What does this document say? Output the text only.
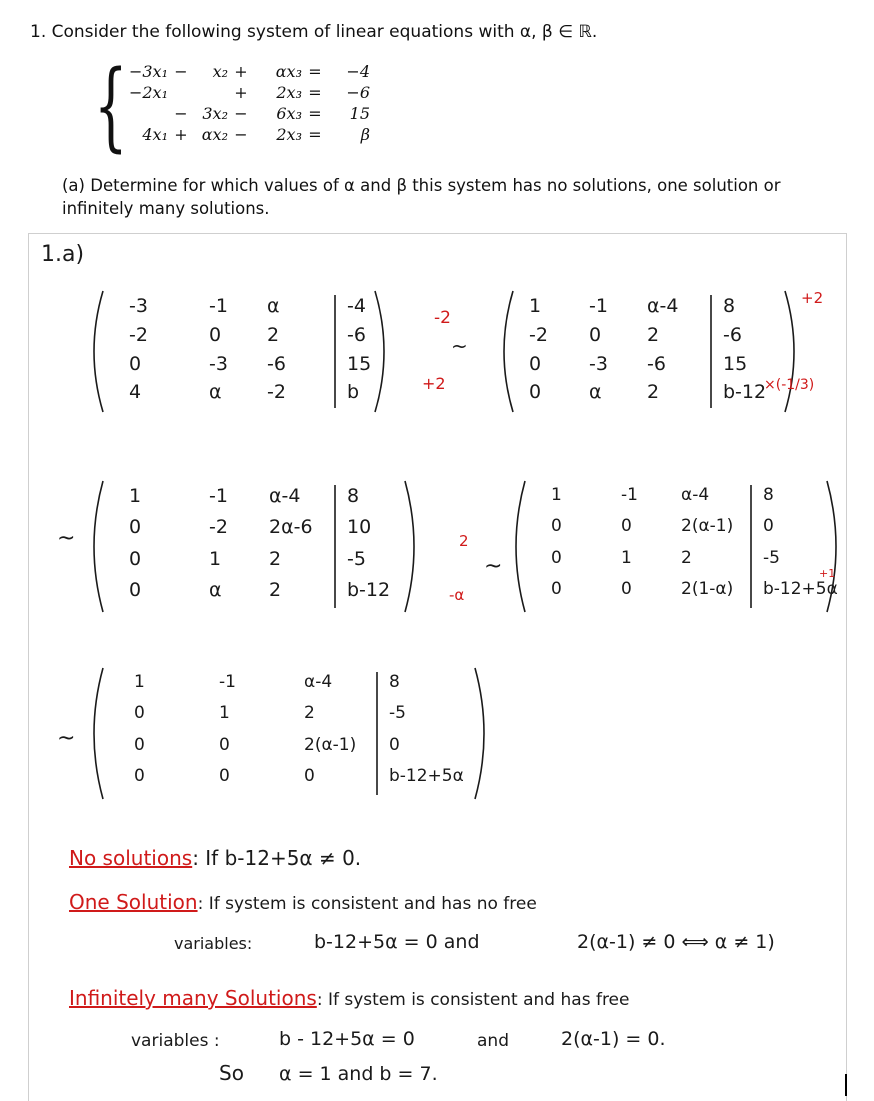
1. Consider the following system of linear equations with α, β ∈ ℝ.
{ −3x₁ −	x₂ +	αx₃ =	−4
−2x₁	+	2x₃ =	−6
− 3x₂ −	6x₃ =	15
4x₁ + αx₂ −	2x₃ =	β
(a) Determine for which values of α and β this system has no solutions, one solution or infinitely many solutions.
1.a)
-3	-1 α	-4
-2	0 2	-6
0	-3 -6	15
4	α -2	b
-2
~
+2
1	-1 α-4 8
-2 0 2	-6
0	-3 -6	15
0	α 2	b-12
+2
×(-1/3)
~
1	-1 α-4 8
0	-2 2α-6 10
0	1	2	-5
0	α 2	b-12
2
-α
~
1	-1	α-4	8
0	0	2(α-1) 0
0	1	2	-5
0	0	2(1-α) b-12+5α
+1
~
1	-1	α-4	8
0	1	2	-5
0	0	2(α-1) 0
0	0	0	b-12+5α
No solutions: If b-12+5α ≠ 0.
One Solution: If system is consistent and has no free
variables:	b-12+5α = 0 and	2(α-1) ≠ 0 ⟺ α ≠ 1)
Infinitely many Solutions: If system is consistent and has free
variables :	b - 12+5α = 0	and	2(α-1) = 0.
So α = 1 and b = 7.
